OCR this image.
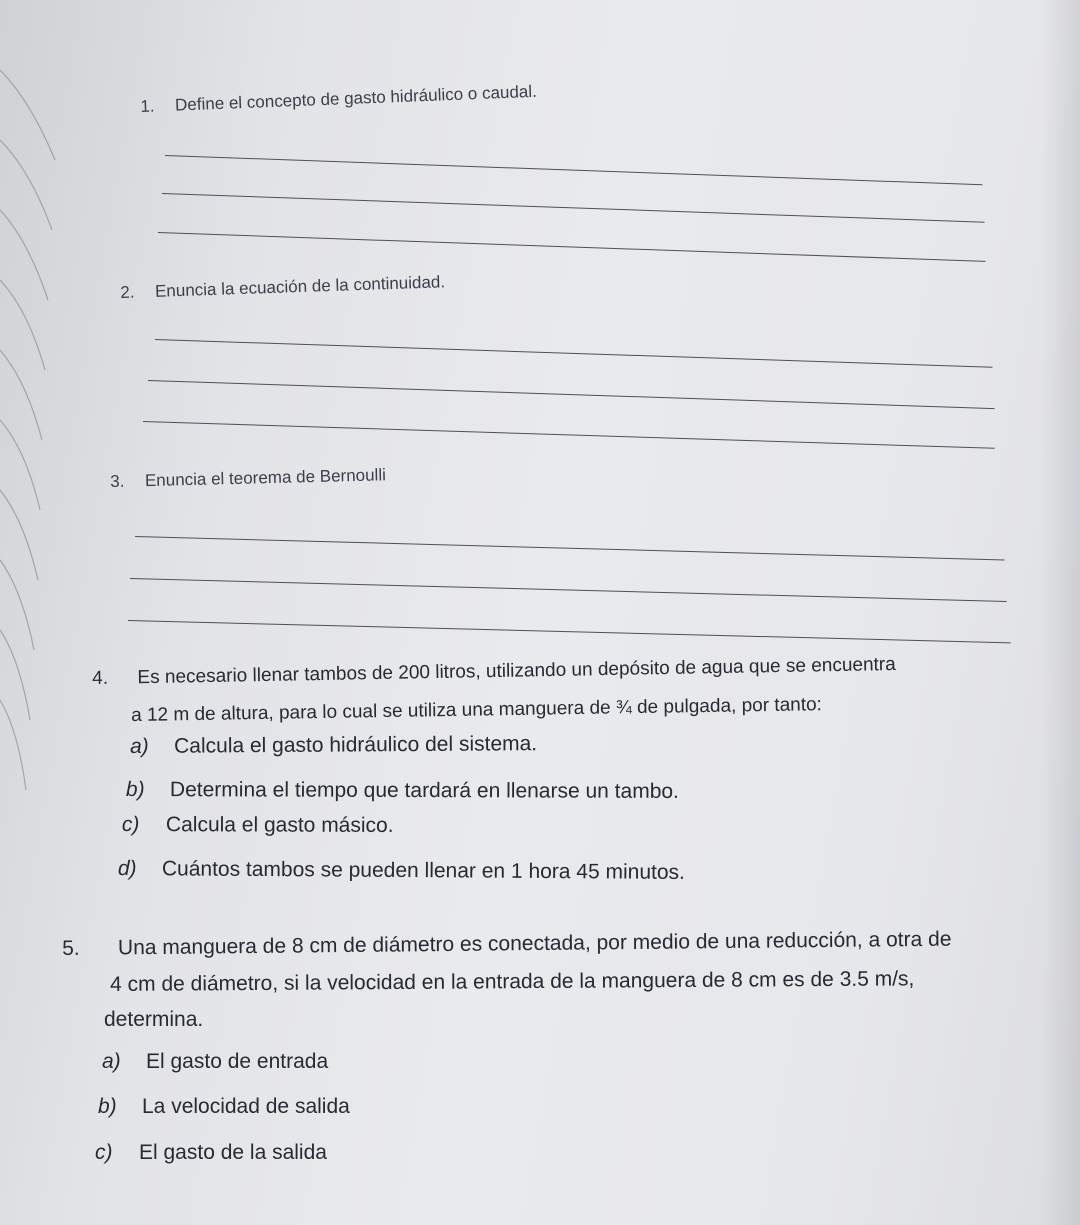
1. Define el concepto de gasto hidráulico o caudal.
2. Enuncia la ecuación de la continuidad.
3. Enuncia el teorema de Bernoulli
4. Es necesario llenar tambos de 200 litros, utilizando un depósito de agua que se encuentra
a 12 m de altura, para lo cual se utiliza una manguera de ¾ de pulgada, por tanto:
a) Calcula el gasto hidráulico del sistema.
b) Determina el tiempo que tardará en llenarse un tambo.
c) Calcula el gasto másico.
d) Cuántos tambos se pueden llenar en 1 hora 45 minutos.
5. Una manguera de 8 cm de diámetro es conectada, por medio de una reducción, a otra de
4 cm de diámetro, si la velocidad en la entrada de la manguera de 8 cm es de 3.5 m/s,
determina.
a) El gasto de entrada
b) La velocidad de salida
c) El gasto de la salida
